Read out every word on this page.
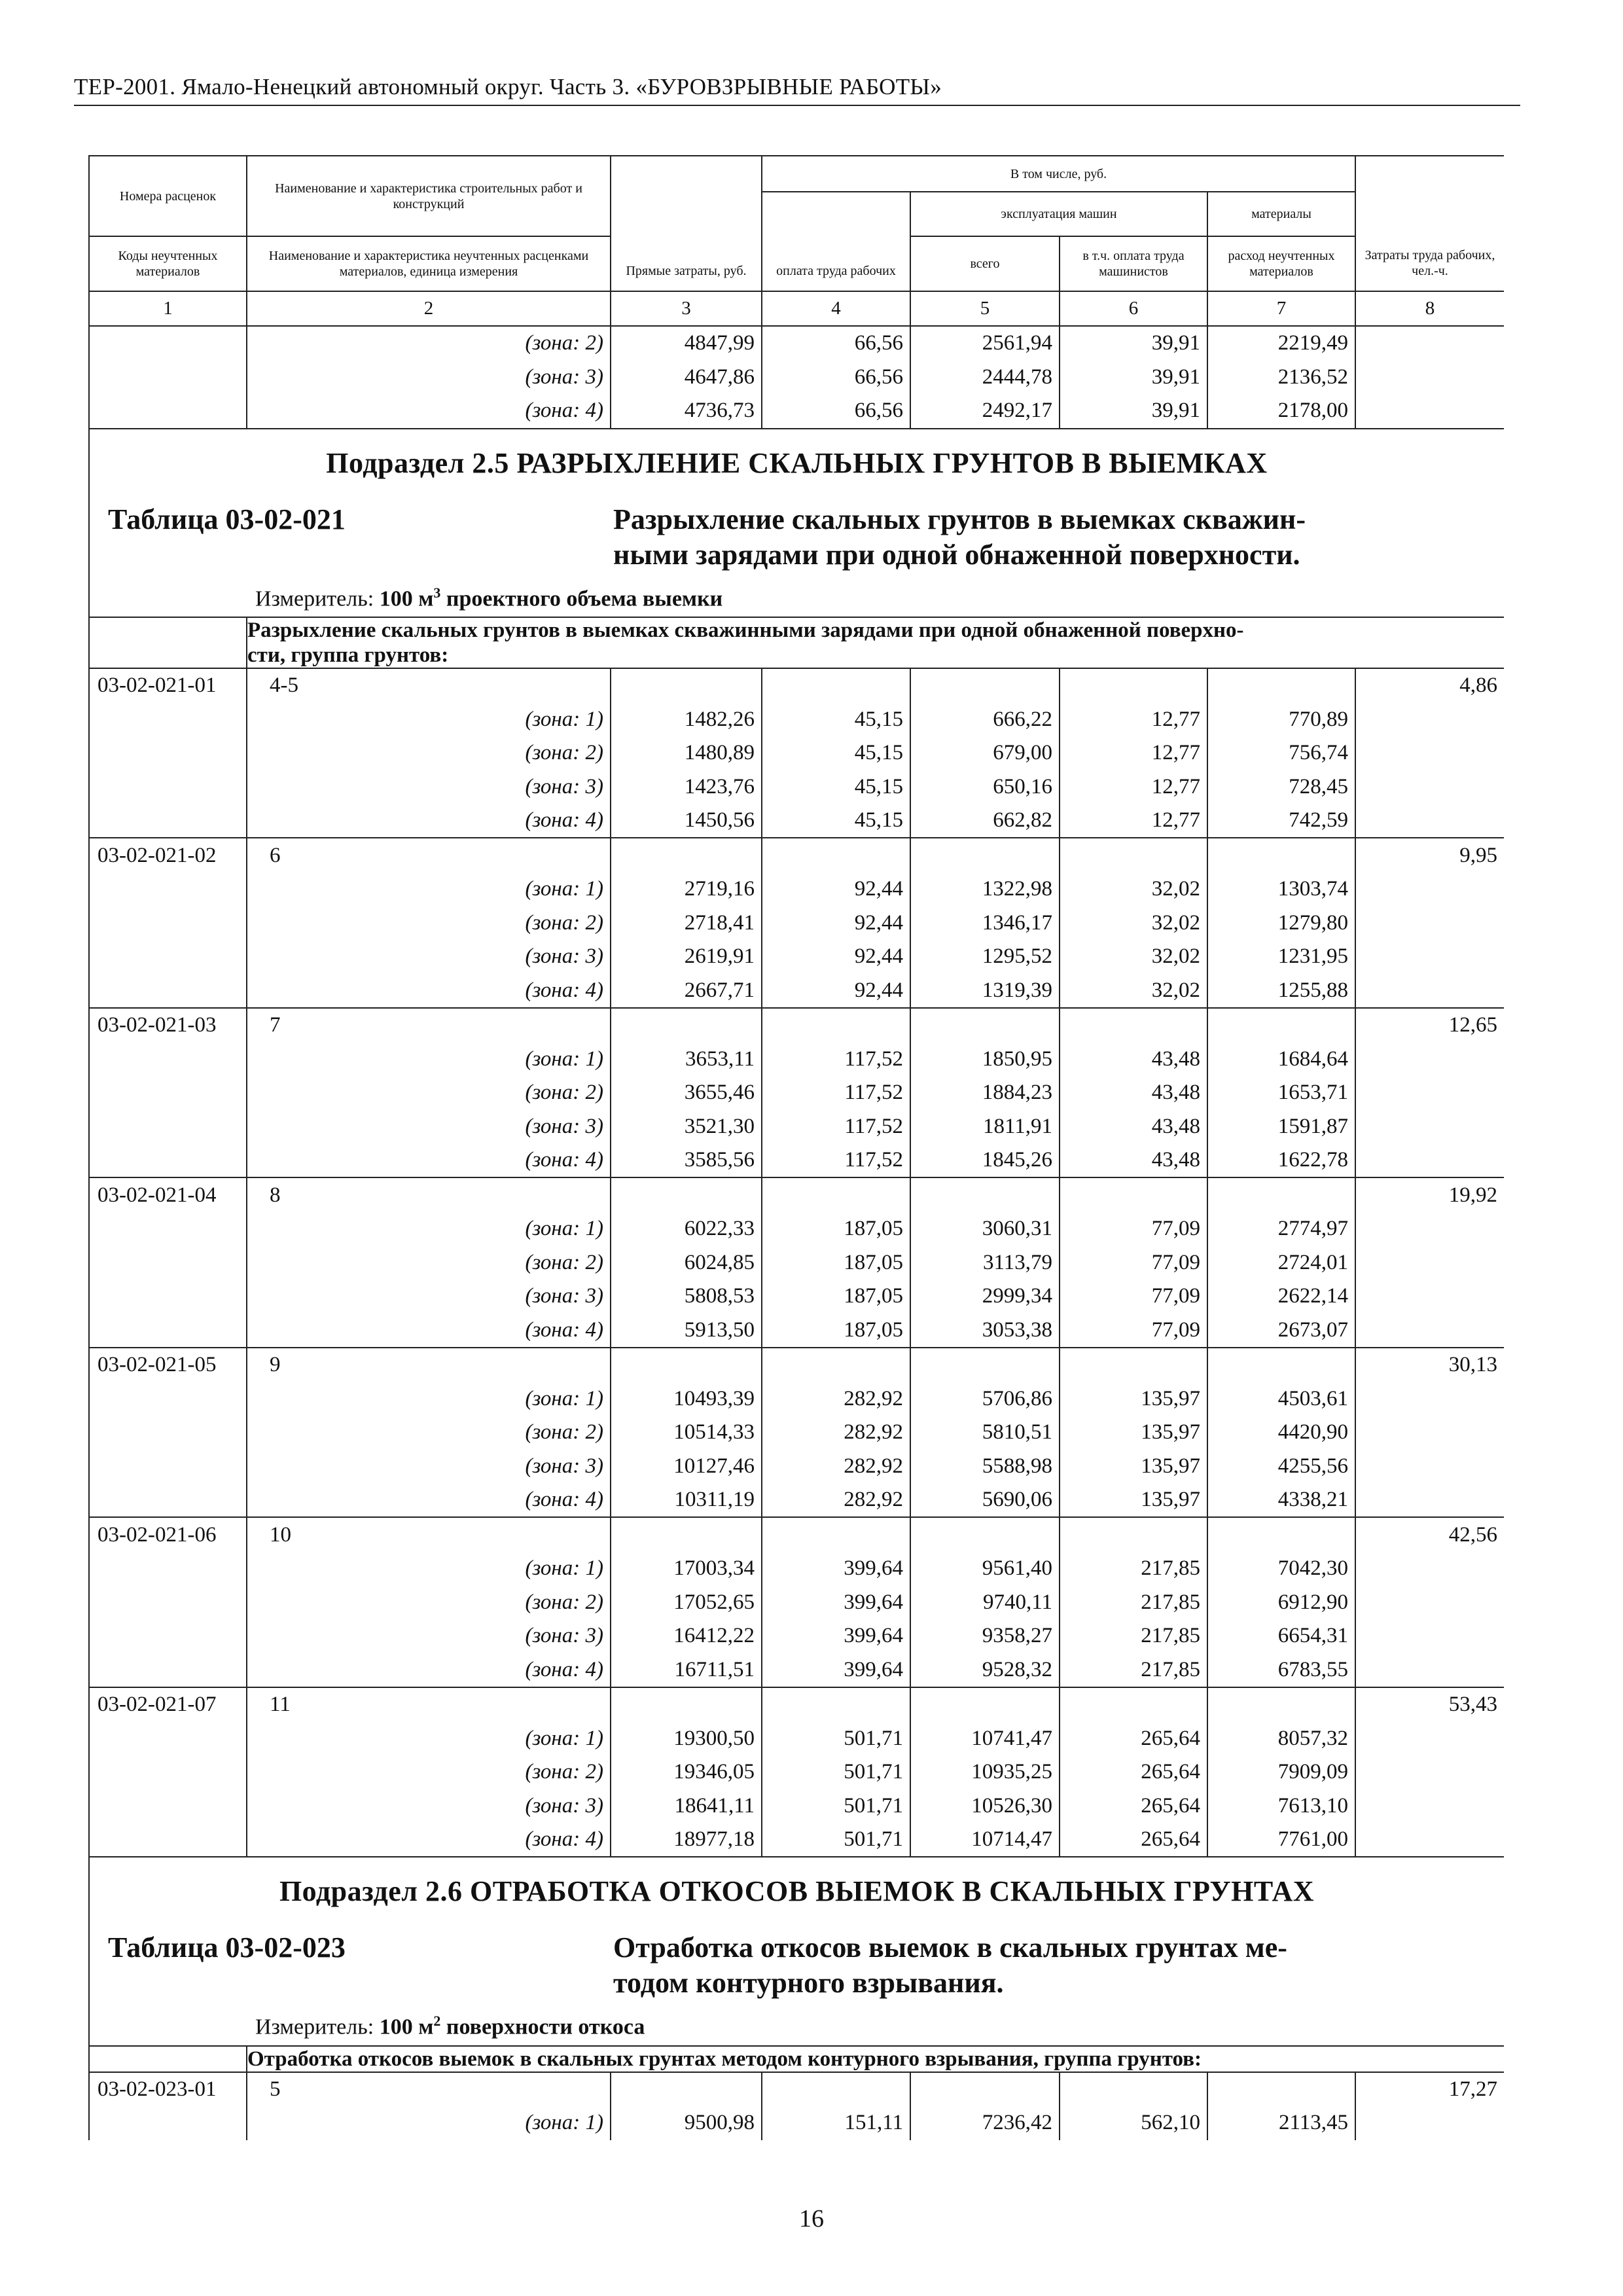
ТЕР-2001. Ямало-Ненецкий автономный округ. Часть 3. «БУРОВЗРЫВНЫЕ РАБОТЫ»
Номера расценок	Наименование и характеристика строительных работ и конструкций	Прямые затраты, руб.	В том числе, руб.				Затраты труда рабочих, чел.-ч.
			оплата труда рабочих	эксплуатация машин		материалы	
Коды неучтенных материалов	Наименование и характеристика неучтенных расценками материалов, единица измерения			всего	в т.ч. оплата труда машинистов	расход неучтенных материалов	

1	2	3	4	5	6	7	8
	(зона: 2)	4847,99	66,56	2561,94	39,91	2219,49	
	(зона: 3)	4647,86	66,56	2444,78	39,91	2136,52	
	(зона: 4)	4736,73	66,56	2492,17	39,91	2178,00	

Подраздел 2.5 РАЗРЫХЛЕНИЕ СКАЛЬНЫХ ГРУНТОВ В ВЫЕМКАХ
Таблица 03-02-021 Разрыхление скальных грунтов в выемках скважин-
ными зарядами при одной обнаженной поверхности.
Измеритель: 100 $м^3$ проектного объема выемки							

	Разрыхление скальных грунтов в выемках скважинными зарядами при одной обнаженной поверхно-
сти, группа грунтов:						

03-02-021-01	4-5						4,86
	(зона: 1)	1482,26	45,15	666,22	12,77	770,89	
	(зона: 2)	1480,89	45,15	679,00	12,77	756,74	
	(зона: 3)	1423,76	45,15	650,16	12,77	728,45	
	(зона: 4)	1450,56	45,15	662,82	12,77	742,59	
03-02-021-02	6						9,95
	(зона: 1)	2719,16	92,44	1322,98	32,02	1303,74	
	(зона: 2)	2718,41	92,44	1346,17	32,02	1279,80	
	(зона: 3)	2619,91	92,44	1295,52	32,02	1231,95	
	(зона: 4)	2667,71	92,44	1319,39	32,02	1255,88	
03-02-021-03	7						12,65
	(зона: 1)	3653,11	117,52	1850,95	43,48	1684,64	
	(зона: 2)	3655,46	117,52	1884,23	43,48	1653,71	
	(зона: 3)	3521,30	117,52	1811,91	43,48	1591,87	
	(зона: 4)	3585,56	117,52	1845,26	43,48	1622,78	
03-02-021-04	8						19,92
	(зона: 1)	6022,33	187,05	3060,31	77,09	2774,97	
	(зона: 2)	6024,85	187,05	3113,79	77,09	2724,01	
	(зона: 3)	5808,53	187,05	2999,34	77,09	2622,14	
	(зона: 4)	5913,50	187,05	3053,38	77,09	2673,07	
03-02-021-05	9						30,13
	(зона: 1)	10493,39	282,92	5706,86	135,97	4503,61	
	(зона: 2)	10514,33	282,92	5810,51	135,97	4420,90	
	(зона: 3)	10127,46	282,92	5588,98	135,97	4255,56	
	(зона: 4)	10311,19	282,92	5690,06	135,97	4338,21	
03-02-021-06	10						42,56
	(зона: 1)	17003,34	399,64	9561,40	217,85	7042,30	
	(зона: 2)	17052,65	399,64	9740,11	217,85	6912,90	
	(зона: 3)	16412,22	399,64	9358,27	217,85	6654,31	
	(зона: 4)	16711,51	399,64	9528,32	217,85	6783,55	
03-02-021-07	11						53,43
	(зона: 1)	19300,50	501,71	10741,47	265,64	8057,32	
	(зона: 2)	19346,05	501,71	10935,25	265,64	7909,09	
	(зона: 3)	18641,11	501,71	10526,30	265,64	7613,10	
	(зона: 4)	18977,18	501,71	10714,47	265,64	7761,00	

Подраздел 2.6 ОТРАБОТКА ОТКОСОВ ВЫЕМОК В СКАЛЬНЫХ ГРУНТАХ
Таблица 03-02-023 Отработка откосов выемок в скальных грунтах ме-
тодом контурного взрывания.
Измеритель: 100 $м^2$ поверхности откоса							

	Отработка откосов выемок в скальных грунтах методом контурного взрывания, группа грунтов:						

03-02-023-01	5						17,27
	(зона: 1)	9500,98	151,11	7236,42	562,10	2113,45	
16
